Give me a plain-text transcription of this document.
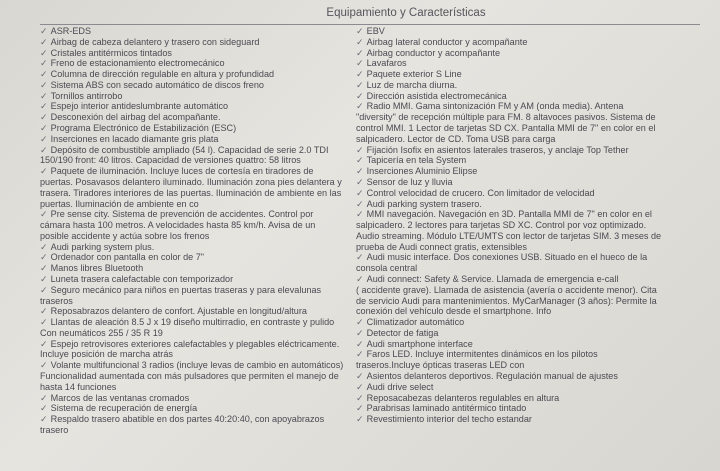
Equipamiento y Características
✓ ASR-EDS
✓ Airbag de cabeza delantero y trasero con sideguard
✓ Cristales antitérmicos tintados
✓ Freno de estacionamiento electromecánico
✓ Columna de dirección regulable en altura y profundidad
✓ Sistema ABS con secado automático de discos freno
✓ Tornillos antirrobo
✓ Espejo interior antideslumbrante automático
✓ Desconexión del airbag del acompañante.
✓ Programa Electrónico de Estabilización (ESC)
✓ Inserciones en lacado diamante gris plata
✓ Depósito de combustible ampliado (54 l). Capacidad de serie 2.0 TDI
150/190 front: 40 litros. Capacidad de versiones quattro: 58 litros
✓ Paquete de iluminación. Incluye luces de cortesía en tiradores de
puertas. Posavasos delantero iluminado. Iluminación zona pies delantera y
trasera. Tiradores interiores de las puertas. Iluminación de ambiente en las
puertas. Iluminación de ambiente en co
✓ Pre sense city. Sistema de prevención de accidentes. Control por
cámara hasta 100 metros. A velocidades hasta 85 km/h. Avisa de un
posible accidente y actúa sobre los frenos
✓ Audi parking system plus.
✓ Ordenador con pantalla en color de 7"
✓ Manos libres Bluetooth
✓ Luneta trasera calefactable con temporizador
✓ Seguro mecánico para niños en puertas traseras y para elevalunas
traseros
✓ Reposabrazos delantero de confort. Ajustable en longitud/altura
✓ Llantas de aleación 8.5 J x 19 diseño multirradio, en contraste y pulido
Con neumáticos 255 / 35 R 19
✓ Espejo retrovisores exteriores calefactables y plegables eléctricamente.
Incluye posición de marcha atrás
✓ Volante multifuncional 3 radios (incluye levas de cambio en automáticos)
Funcionalidad aumentada con más pulsadores que permiten el manejo de
hasta 14 funciones
✓ Marcos de las ventanas cromados
✓ Sistema de recuperación de energía
✓ Respaldo trasero abatible en dos partes 40:20:40, con apoyabrazos
trasero
✓ EBV
✓ Airbag lateral conductor y acompañante
✓ Airbag conductor y acompañante
✓ Lavafaros
✓ Paquete exterior S Line
✓ Luz de marcha diurna.
✓ Dirección asistida electromecánica
✓ Radio MMI. Gama sintonización FM y AM (onda media). Antena
"diversity" de recepción múltiple para FM. 8 altavoces pasivos. Sistema de
control MMI. 1 Lector de tarjetas SD CX. Pantalla MMI de 7" en color en el
salpicadero. Lector de CD. Toma USB para carga
✓ Fijación Isofix en asientos laterales traseros, y anclaje Top Tether
✓ Tapicería en tela System
✓ Inserciones Aluminio Elipse
✓ Sensor de luz y lluvia
✓ Control velocidad de crucero. Con limitador de velocidad
✓ Audi parking system trasero.
✓ MMI navegación. Navegación en 3D. Pantalla MMI de 7" en color en el
salpicadero. 2 lectores para tarjetas SD XC. Control por voz optimizado.
Audio streaming. Módulo LTE/UMTS con lector de tarjetas SIM. 3 meses de
prueba de Audi connect gratis, extensibles
✓ Audi music interface. Dos conexiones USB. Situado en el hueco de la
consola central
✓ Audi connect: Safety & Service. Llamada de emergencia e-call
( accidente grave). Llamada de asistencia (avería o accidente menor). Cita
de servicio Audi para mantenimientos. MyCarManager (3 años): Permite la
conexión del vehículo desde el smartphone. Info
✓ Climatizador automático
✓ Detector de fatiga
✓ Audi smartphone interface
✓ Faros LED. Incluye intermitentes dinámicos en los pilotos
traseros.Incluye ópticas traseras LED con
✓ Asientos delanteros deportivos. Regulación manual de ajustes
✓ Audi drive select
✓ Reposacabezas delanteros regulables en altura
✓ Parabrisas laminado antitérmico tintado
✓ Revestimiento interior del techo estandar
